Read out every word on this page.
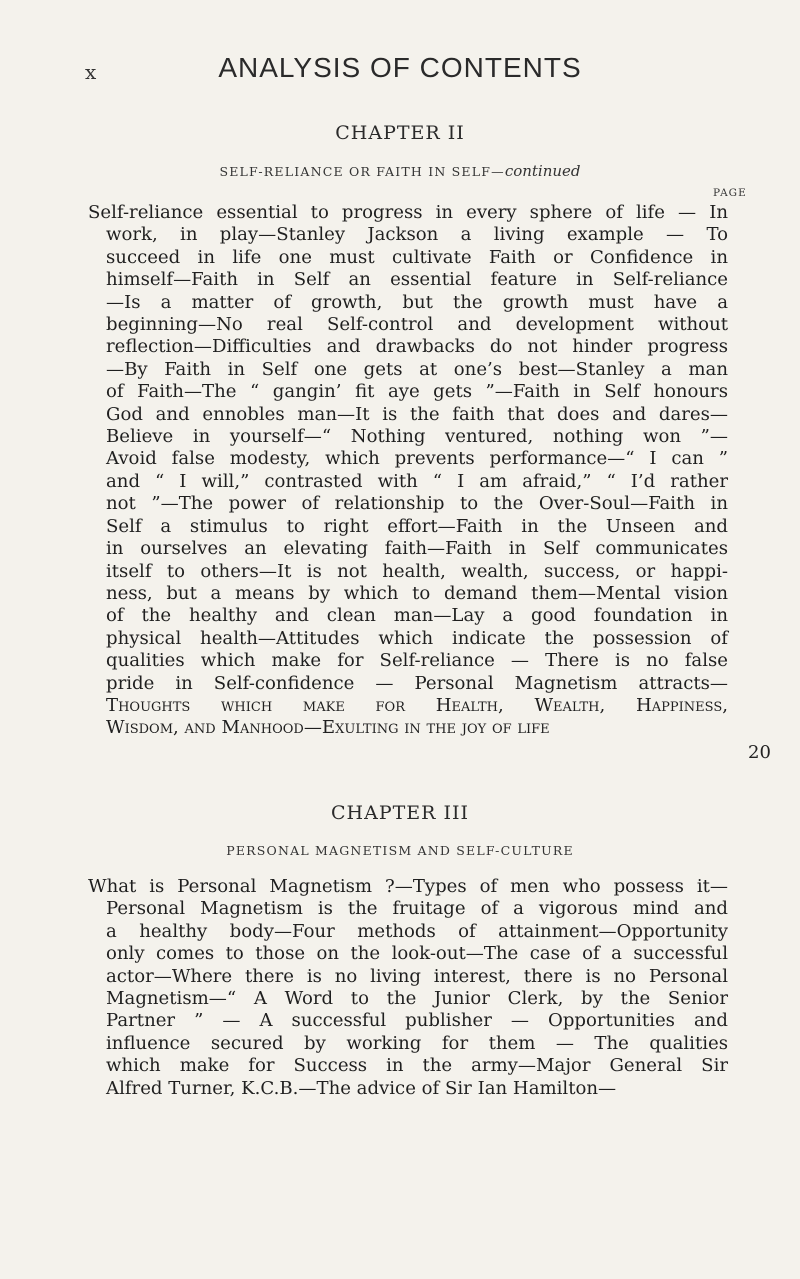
x	ANALYSIS OF CONTENTS
CHAPTER II
SELF-RELIANCE OR FAITH IN SELF—continued
PAGE
Self-reliance essential to progress in every sphere of life — In
work, in play—Stanley Jackson a living example — To
succeed in life one must cultivate Faith or Confidence in
himself—Faith in Self an essential feature in Self-reliance
—Is a matter of growth, but the growth must have a
beginning—No real Self-control and development without
reflection—Difficulties and drawbacks do not hinder progress
—By Faith in Self one gets at one’s best—Stanley a man
of Faith—The “ gangin’ fit aye gets ”—Faith in Self honours
God and ennobles man—It is the faith that does and dares—
Believe in yourself—“ Nothing ventured, nothing won ”—
Avoid false modesty, which prevents performance—“ I can ”
and “ I will,” contrasted with “ I am afraid,” “ I’d rather
not ”—The power of relationship to the Over-Soul—Faith in
Self a stimulus to right effort—Faith in the Unseen and
in ourselves an elevating faith—Faith in Self communicates
itself to others—It is not health, wealth, success, or happi-
ness, but a means by which to demand them—Mental vision
of the healthy and clean man—Lay a good foundation in
physical health—Attitudes which indicate the possession of
qualities which make for Self-reliance — There is no false
pride in Self-confidence — Personal Magnetism attracts—
Thoughts which make for Health, Wealth, Happiness,
Wisdom, and Manhood—Exulting in the joy of life
20
CHAPTER III
PERSONAL MAGNETISM AND SELF-CULTURE
What is Personal Magnetism ?—Types of men who possess it—
Personal Magnetism is the fruitage of a vigorous mind and
a healthy body—Four methods of attainment—Opportunity
only comes to those on the look-out—The case of a successful
actor—Where there is no living interest, there is no Personal
Magnetism—“ A Word to the Junior Clerk, by the Senior
Partner ” — A successful publisher — Opportunities and
influence secured by working for them — The qualities
which make for Success in the army—Major General Sir
Alfred Turner, K.C.B.—The advice of Sir Ian Hamilton—
